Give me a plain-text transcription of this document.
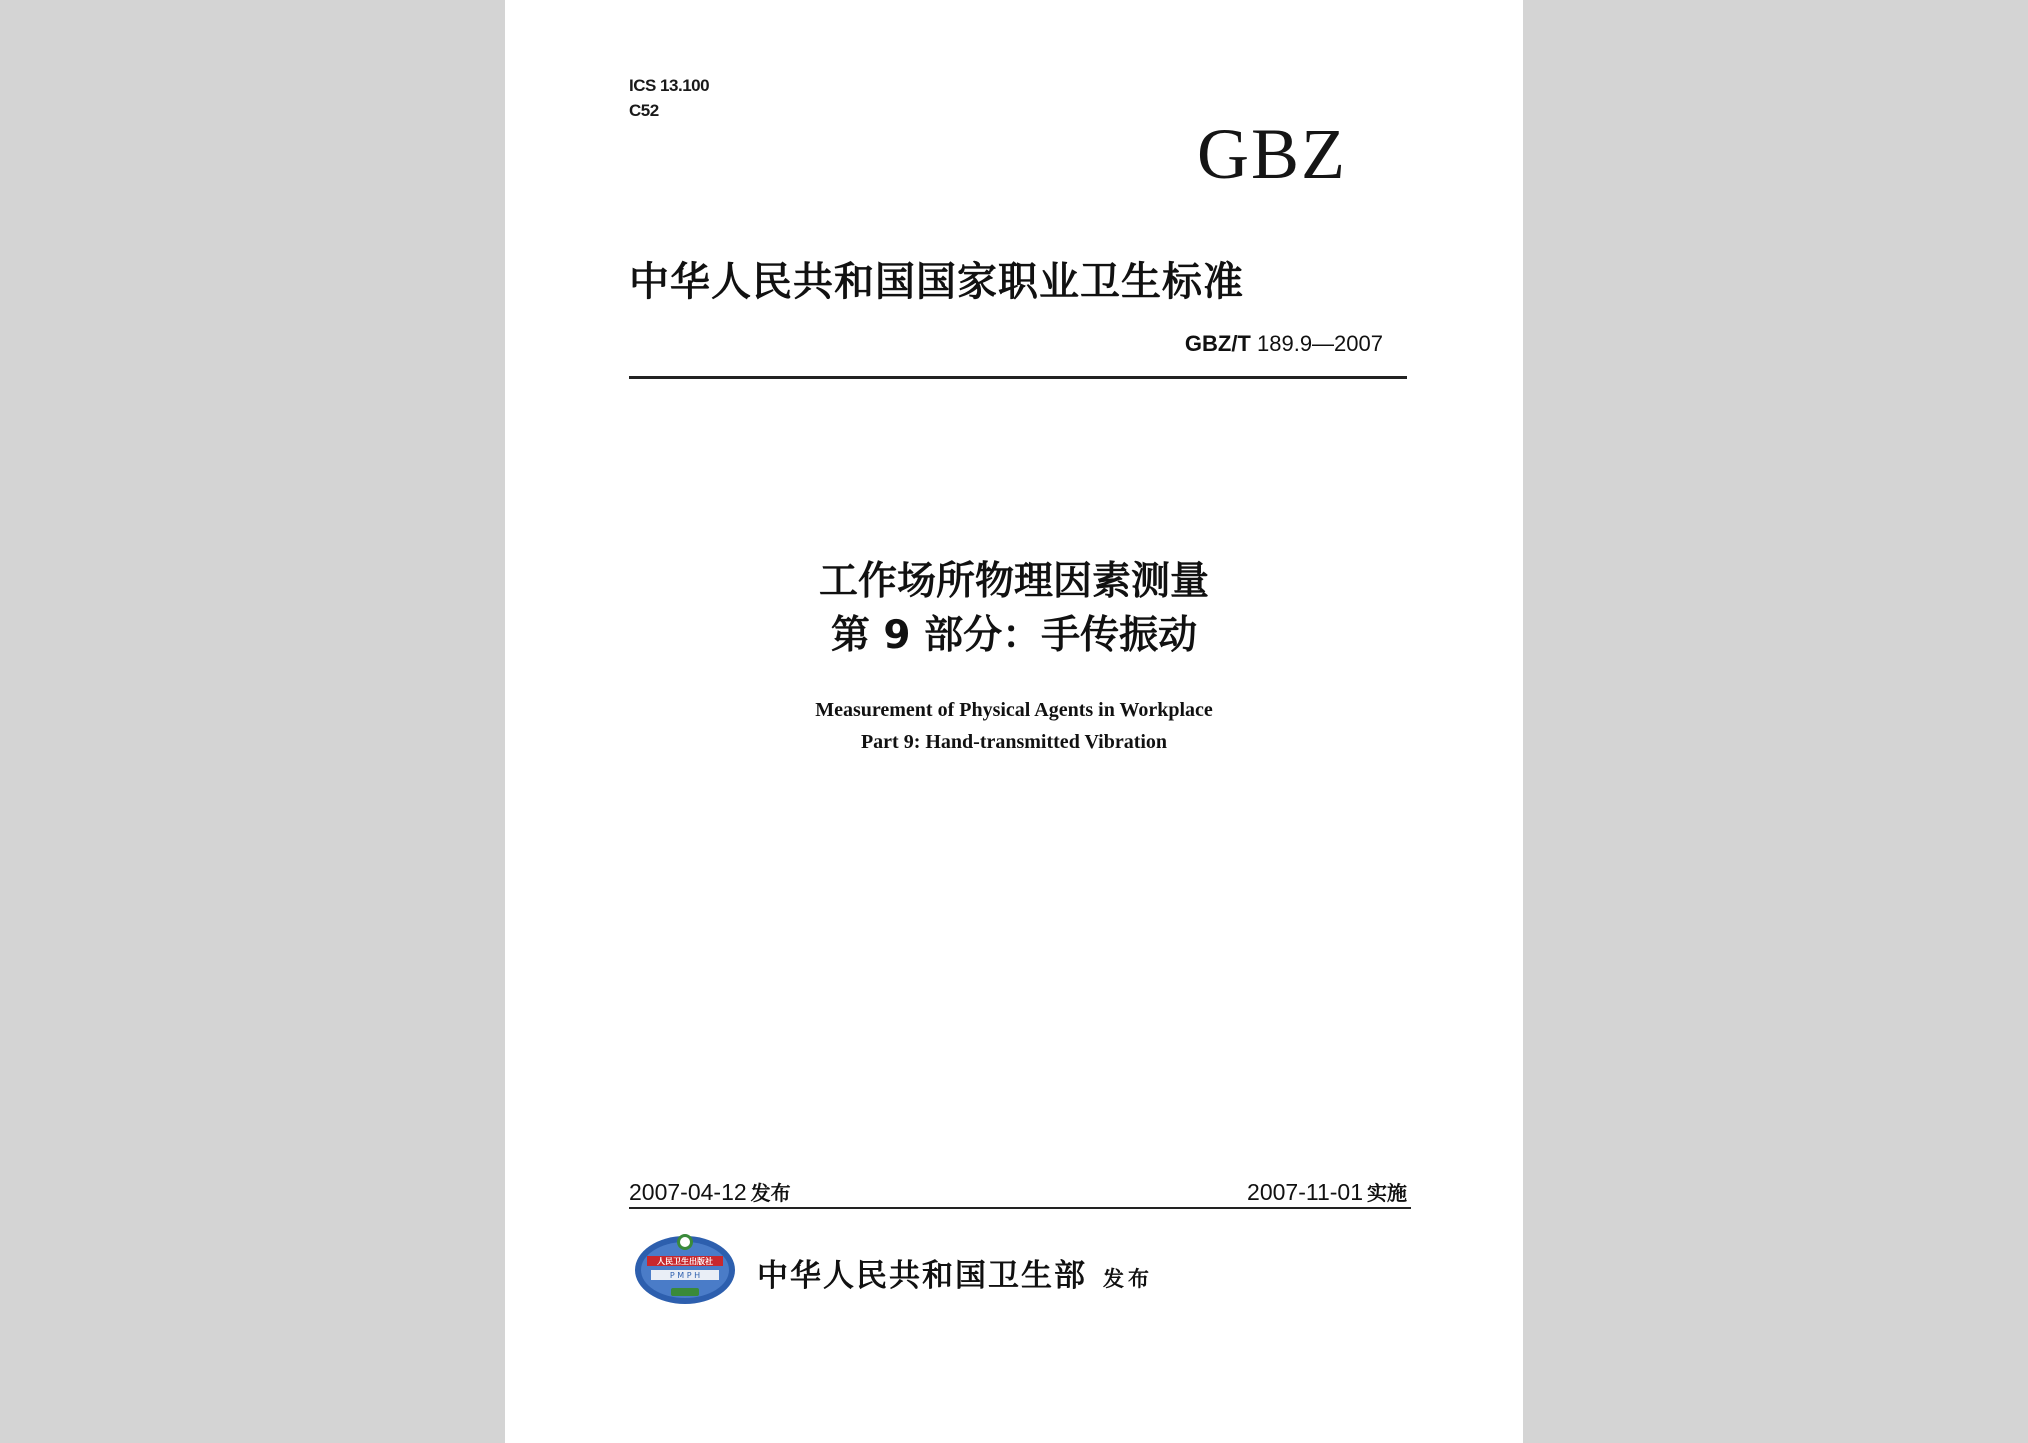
ICS 13.100
C52
GBZ
中华人民共和国国家职业卫生标准
GBZ/T 189.9—2007
工作场所物理因素测量
第 9 部分：手传振动
Measurement of Physical Agents in Workplace
Part 9: Hand-transmitted Vibration
2007-04-12 发布	2007-11-01 实施
P M P H
人民卫生出版社 中华人民共和国卫生部 发布
